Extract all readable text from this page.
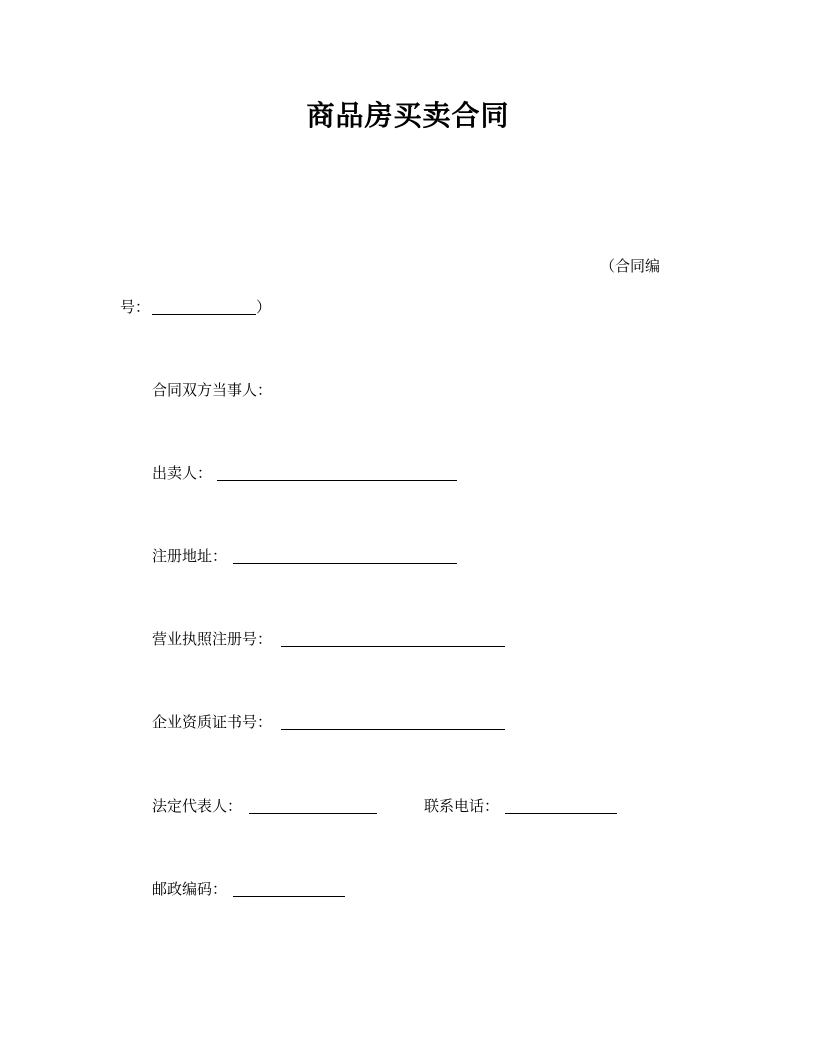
商品房买卖合同
（合同编
号：	）
合同双方当事人：
出卖人：
注册地址：
营业执照注册号：
企业资质证书号：
法定代表人：	联系电话：
邮政编码：
